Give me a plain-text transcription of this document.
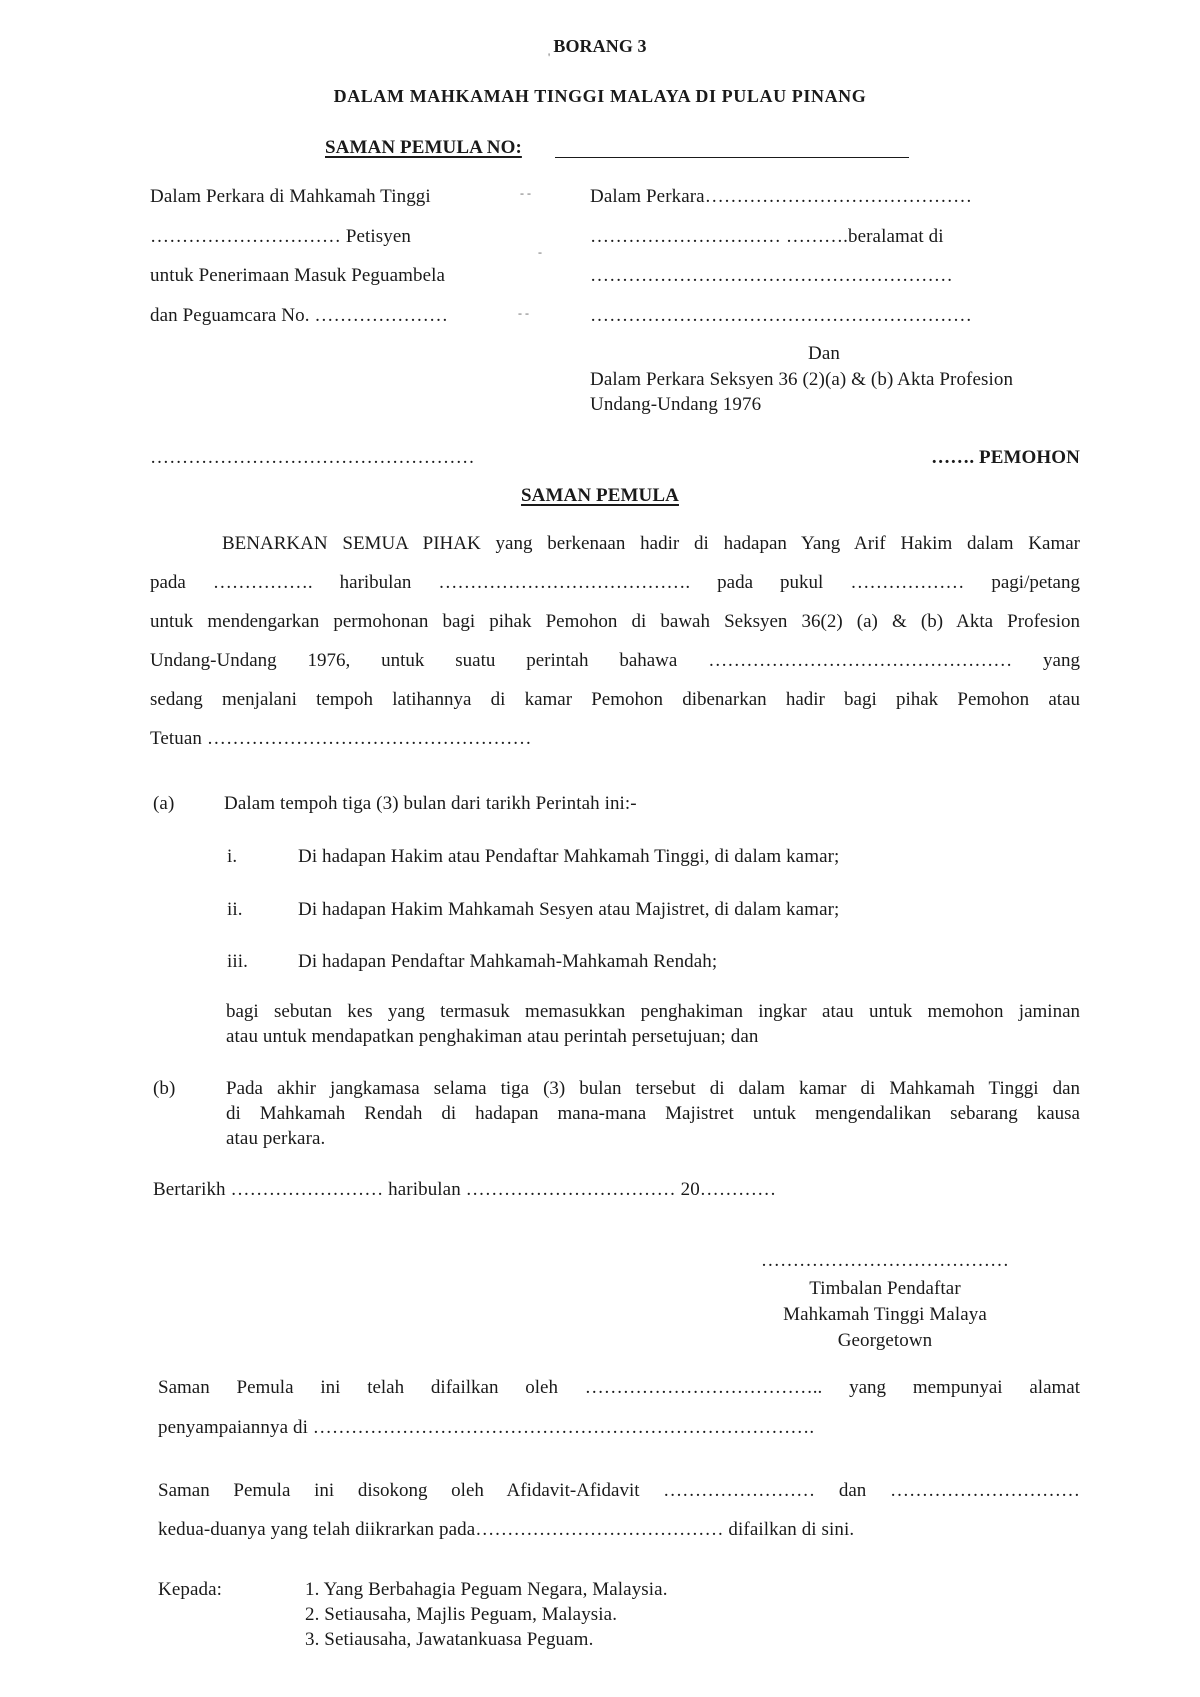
BORANG 3
'
DALAM MAHKAMAH TINGGI MALAYA DI PULAU PINANG
SAMAN PEMULA NO:
Dalam Perkara di Mahkamah Tinggi
………………………… Petisyen
untuk Penerimaan Masuk Peguambela
dan Peguamcara No. …………………
- -
-
- -
Dalam Perkara……………………………………
………………………… ……….beralamat di
…………………………………………………
……………………………………………………
Dan
Dalam Perkara Seksyen 36 (2)(a) & (b) Akta Profesion
Undang-Undang 1976
……………………………………………	……. PEMOHON
SAMAN PEMULA
BENARKAN SEMUA PIHAK yang berkenaan hadir di hadapan Yang Arif Hakim dalam Kamar
pada ……………. haribulan …………………………………. pada pukul ……………… pagi/petang
untuk mendengarkan permohonan bagi pihak Pemohon di bawah Seksyen 36(2) (a) & (b) Akta Profesion
Undang-Undang 1976, untuk suatu perintah bahawa ………………………………………… yang
sedang menjalani tempoh latihannya di kamar Pemohon dibenarkan hadir bagi pihak Pemohon atau
Tetuan ……………………………………………
(a)	Dalam tempoh tiga (3) bulan dari tarikh Perintah ini:-
i.	Di hadapan Hakim atau Pendaftar Mahkamah Tinggi, di dalam kamar;
ii.	Di hadapan Hakim Mahkamah Sesyen atau Majistret, di dalam kamar;
iii.	Di hadapan Pendaftar Mahkamah-Mahkamah Rendah;
bagi sebutan kes yang termasuk memasukkan penghakiman ingkar atau untuk memohon jaminan
atau untuk mendapatkan penghakiman atau perintah persetujuan; dan
(b)	Pada akhir jangkamasa selama tiga (3) bulan tersebut di dalam kamar di Mahkamah Tinggi dan
di Mahkamah Rendah di hadapan mana-mana Majistret untuk mengendalikan sebarang kausa
atau perkara.
Bertarikh …………………… haribulan …………………………… 20…………
…………………………………
Timbalan Pendaftar
Mahkamah Tinggi Malaya
Georgetown
Saman Pemula ini telah difailkan oleh ……………………………….. yang mempunyai alamat
penyampaiannya di …………………………………………………………………….
Saman Pemula ini disokong oleh Afidavit-Afidavit …………………… dan …………………………
kedua-duanya yang telah diikrarkan pada………………………………… difailkan di sini.
Kepada:	1. Yang Berbahagia Peguam Negara, Malaysia.
2. Setiausaha, Majlis Peguam, Malaysia.
3. Setiausaha, Jawatankuasa Peguam.
